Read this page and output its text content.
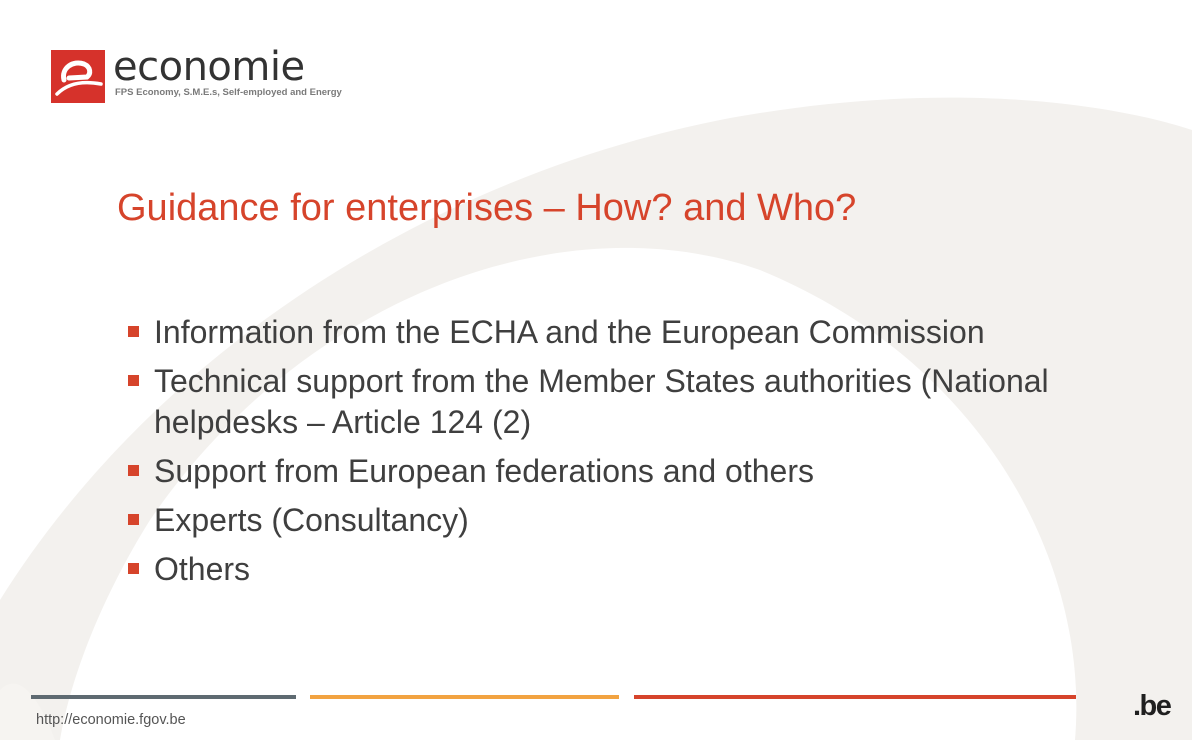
economie
FPS Economy, S.M.E.s, Self-employed and Energy
Guidance for enterprises – How? and Who?
Information from the ECHA and the European Commission
Technical support from the Member States authorities (National helpdesks – Article 124 (2)
Support from European federations and others
Experts (Consultancy)
Others
http://economie.fgov.be	.be
